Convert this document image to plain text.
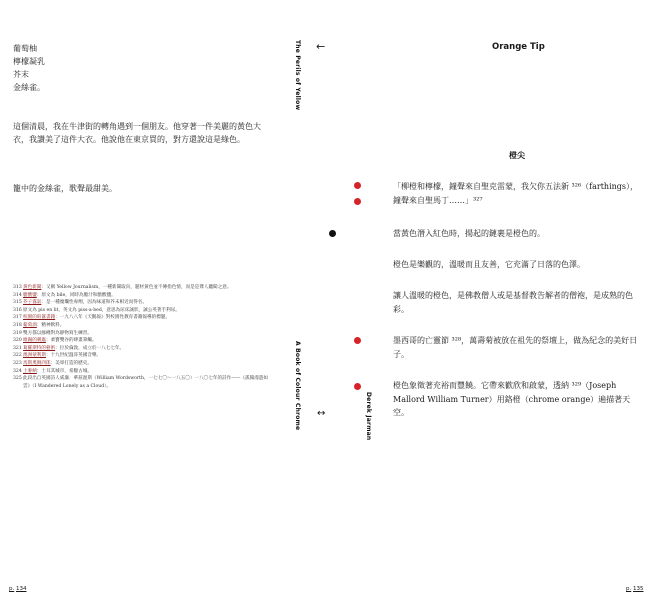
葡萄柚
檸檬凝乳
芥末
金絲雀。

這個清晨，我在牛津街的轉角遇到一個朋友。他穿著一件美麗的黃色大衣，我讚美了這件大衣。他說他在東京買的，對方還說這是綠色。

籠中的金絲雀，歌聲最甜美。

313 黃色新聞：又稱 Yellow Journalism，一種新聞取向，題材黃色並不傳指色情，而是是聳人聽聞之意。
314 膽酸鹽：原文為 bile，同時為膽汁和膽酸鹽。
315 芥子霧氣：是一種糜爛性毒劑，因為味道和芥末相近而得名。
316 原文為 pis en lit，英文為 piss-a-bed，意思為尿床誠狀，誠公英著手利尿。
317 校園的喧囂書籍：一九八八年《天鵝報》對校園性教育書籍報導的標題。
318 葡萄酒：精神飲料。
319 雙方都以綠樽對為靜物寫生練習。
320 維錫的刺蟲：柔寶雙谷的肆畫筆觸。
321 葛羅斯特的藝術：位於倫敦，成立於一八七七年。
322 澳洲蒙利斯：十九世紀溫哥英國音樂。
323 馬斯奧舞四郎：美軍打造的歷史。
324 土麥納：土耳其城市，希臘古城。
325 此段出自英國詩人威廉．華茲渥斯（William Wordsworth，一七七〇～一八五〇）一八〇七年的詩作——《孤獨漫遊如雲》（I Wandered Lonely as a Cloud）。
p. 134
The Perils of Yellow
A Book of Colour
Chrome
←	Orange Tip
橙尖

「柳橙和檸檬，鐘聲來自聖克雷蒙，我欠你五法新 ³²⁶（farthings），鐘聲來自聖馬丁……」³²⁷

當黃色潛入紅色時，揚起的鏈裹是橙色的。

橙色是樂觀的，溫暖而且友善，它充滿了日落的色澤。

讓人溫暖的橙色，是佛教僧人或是基督教告解者的僧袍，是成熟的色彩。

墨西哥的亡靈節 ³²⁸，萬壽菊被放在祖先的祭壇上，做為紀念的美好日子。

橙色象徵著充裕而豐饒。它帶來歡欣和啟蒙，透納 ³²⁹（Joseph Mallord William Turner）用鉻橙（chrome orange）遍描著天空。

↔	Derek Jarman
p. 135
